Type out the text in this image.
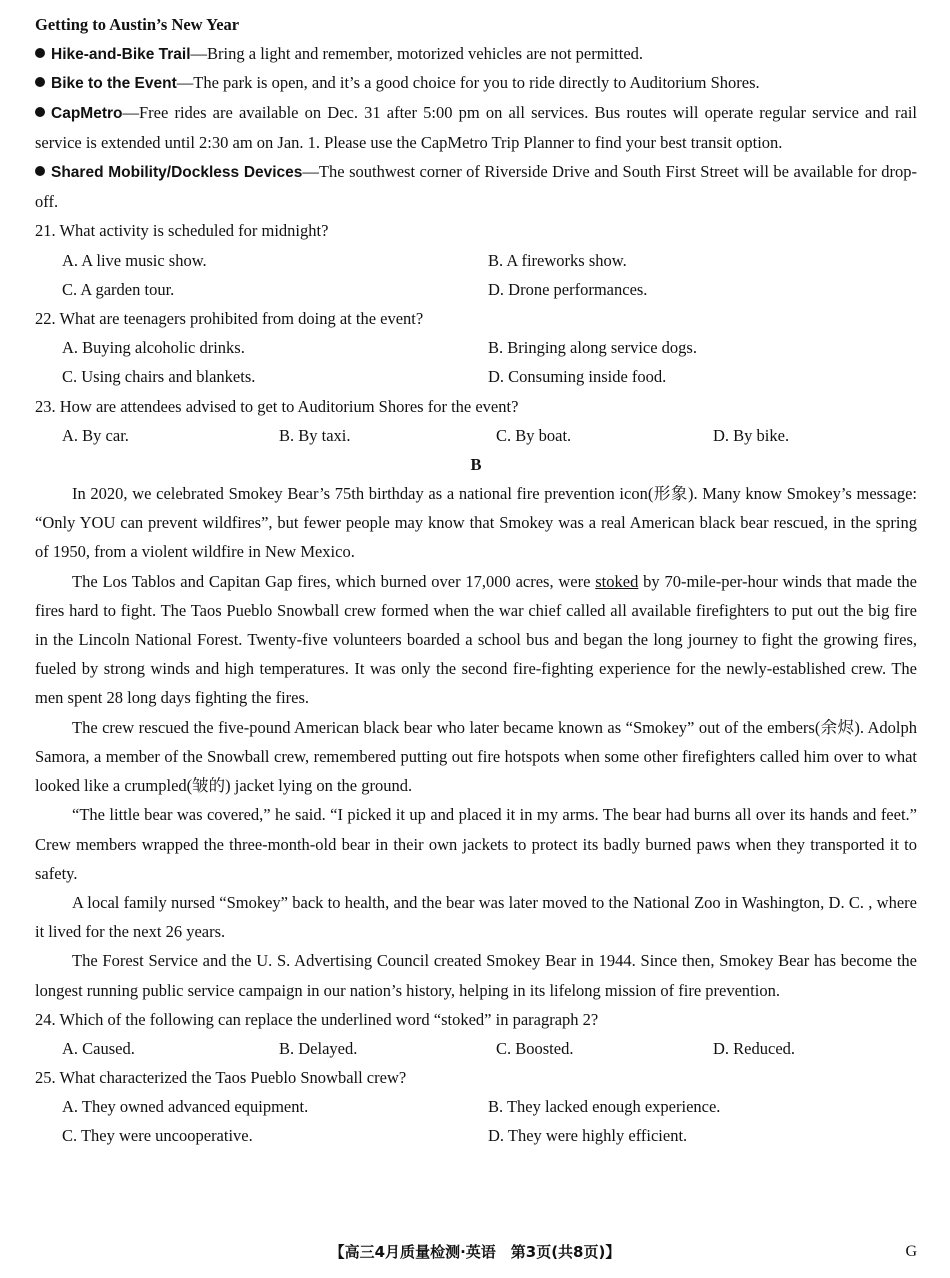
Getting to Austin’s New Year
Hike-and-Bike Trail—Bring a light and remember, motorized vehicles are not permitted.
Bike to the Event—The park is open, and it’s a good choice for you to ride directly to Auditorium Shores.

CapMetro—Free rides are available on Dec. 31 after 5:00 pm on all services. Bus routes will operate regular service and rail service is extended until 2:30 am on Jan. 1. Please use the CapMetro Trip Planner to find your best transit option.

Shared Mobility/Dockless Devices—The southwest corner of Riverside Drive and South First Street will be available for drop-off.

21. What activity is scheduled for midnight?
A. A live music show.	B. A fireworks show.
C. A garden tour.	D. Drone performances.
22. What are teenagers prohibited from doing at the event?
A. Buying alcoholic drinks.	B. Bringing along service dogs.
C. Using chairs and blankets.	D. Consuming inside food.
23. How are attendees advised to get to Auditorium Shores for the event?
A. By car.	B. By taxi.	C. By boat.	D. By bike.
B

In 2020, we celebrated Smokey Bear’s 75th birthday as a national fire prevention icon(形象). Many know Smokey’s message: “Only YOU can prevent wildfires”, but fewer people may know that Smokey was a real American black bear rescued, in the spring of 1950, from a violent wildfire in New Mexico.

The Los Tablos and Capitan Gap fires, which burned over 17,000 acres, were stoked by 70-mile-per-hour winds that made the fires hard to fight. The Taos Pueblo Snowball crew formed when the war chief called all available firefighters to put out the big fire in the Lincoln National Forest. Twenty-five volunteers boarded a school bus and began the long journey to fight the growing fires, fueled by strong winds and high temperatures. It was only the second fire-fighting experience for the newly-established crew. The men spent 28 long days fighting the fires.

The crew rescued the five-pound American black bear who later became known as “Smokey” out of the embers(余烬). Adolph Samora, a member of the Snowball crew, remembered putting out fire hotspots when some other firefighters called him over to what looked like a crumpled(皱的) jacket lying on the ground.

“The little bear was covered,” he said. “I picked it up and placed it in my arms. The bear had burns all over its hands and feet.” Crew members wrapped the three-month-old bear in their own jackets to protect its badly burned paws when they transported it to safety.

A local family nursed “Smokey” back to health, and the bear was later moved to the National Zoo in Washington, D. C. , where it lived for the next 26 years.

The Forest Service and the U. S. Advertising Council created Smokey Bear in 1944. Since then, Smokey Bear has become the longest running public service campaign in our nation’s history, helping in its lifelong mission of fire prevention.

24. Which of the following can replace the underlined word “stoked” in paragraph 2?
A. Caused.	B. Delayed.	C. Boosted.	D. Reduced.
25. What characterized the Taos Pueblo Snowball crew?
A. They owned advanced equipment.	B. They lacked enough experience.
C. They were uncooperative.	D. They were highly efficient.
【高三4月质量检测·英语　第3页(共8页)】	G
